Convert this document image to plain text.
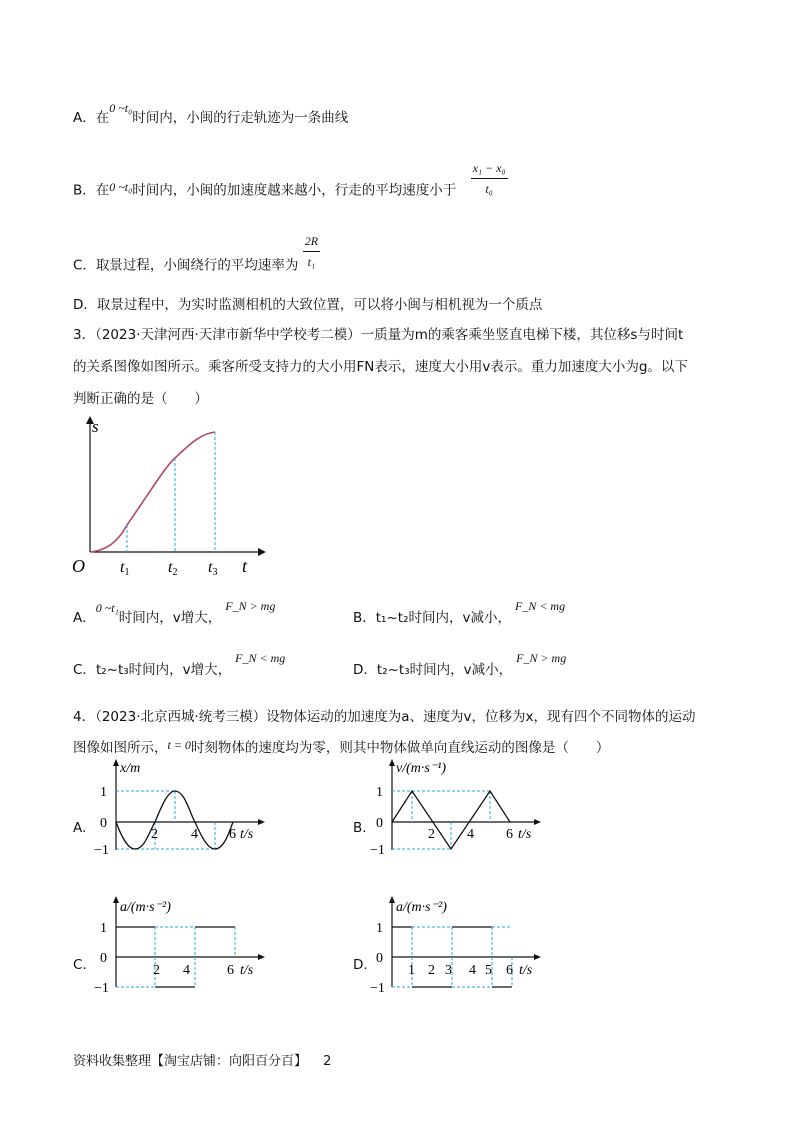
A．在0 ~t₀时间内，小闽的行走轨迹为一条曲线
B．在0 ~t₀时间内，小闽的加速度越来越小，行走的平均速度小于 $\frac{\text{x₁ − x₀}}{\text{t₀}}$
C．取景过程，小闽绕行的平均速率为 $\frac{2R}{\text{t₁}}$
D．取景过程中，为实时监测相机的大致位置，可以将小闽与相机视为一个质点
3．（2023·天津河西·天津市新华中学校考二模）一质量为m的乘客乘坐竖直电梯下楼，其位移s与时间t
的关系图像如图所示。乘客所受支持力的大小用FN表示，速度大小用v表示。重力加速度大小为g。以下
判断正确的是（　　）
s
O	t
t1 t2 t3
A．0 ~t₁时间内，v增大，F_N > mg
B．t₁~t₂时间内，v减小，F_N < mg
C．t₂~t₃时间内，v增大，F_N < mg
D．t₂~t₃时间内，v减小，F_N > mg
4．（2023·北京西城·统考三模）设物体运动的加速度为a、速度为v，位移为x，现有四个不同物体的运动
图像如图所示，t = 0时刻物体的速度均为零，则其中物体做单向直线运动的图像是（　　）
A.	B.
C.	D.
x/m
1
0
−1
2 4 6 t/s
v/(m·s⁻¹)
1
0
−1
2 4 6 t/s
a/(m·s⁻²)
1
0
−1
2 4	6 t/s
a/(m·s⁻²)
1
0
−1
1 2 3 4 5 6 t/s
资料收集整理【淘宝店铺：向阳百分百】 2
